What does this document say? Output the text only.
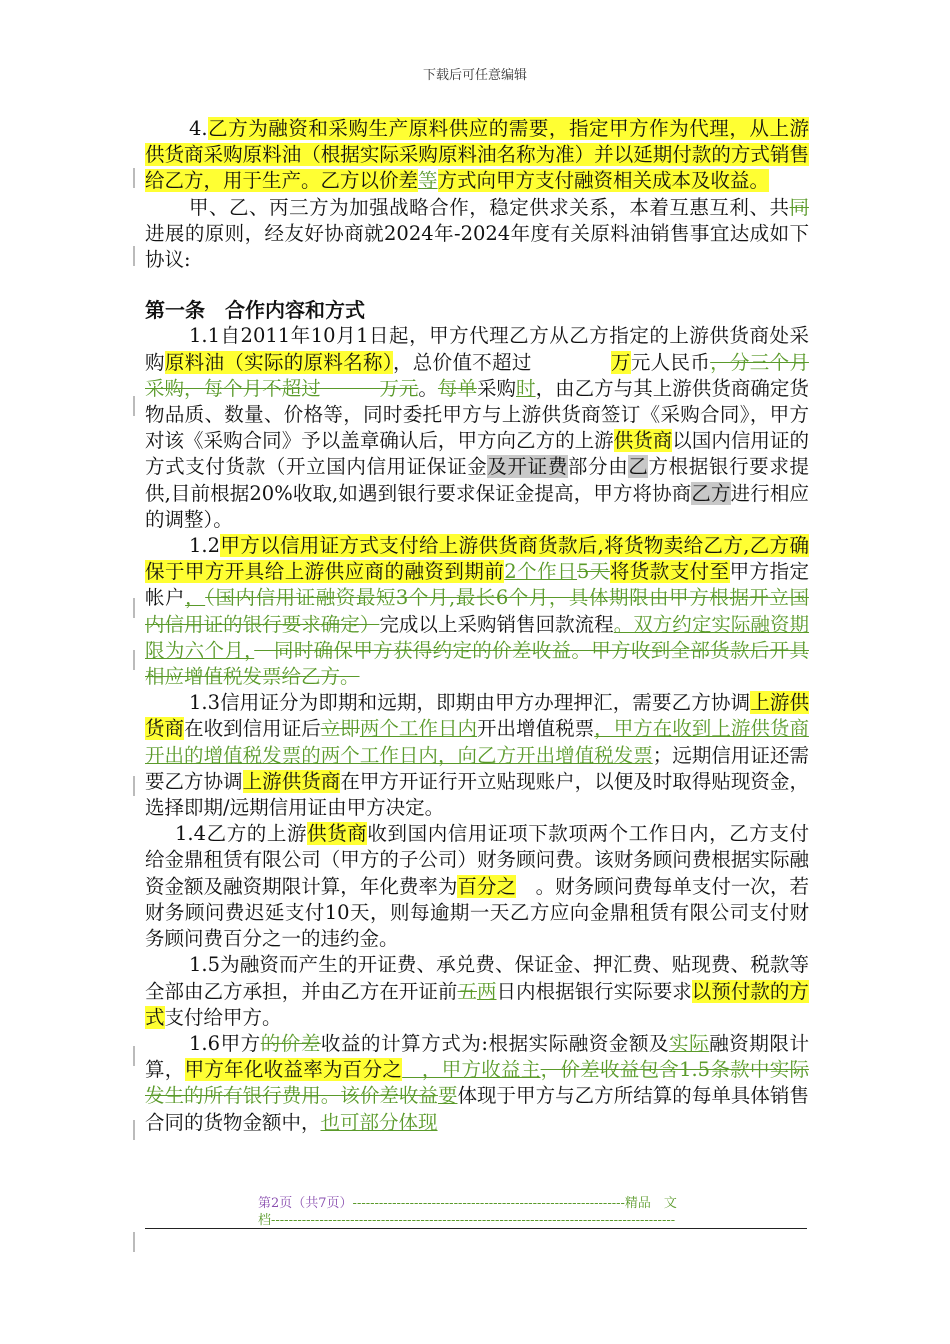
下载后可任意编辑

4.乙方为融资和采购生产原料供应的需要，指定甲方作为代理，从上游供货商采购原料油（根据实际采购原料油名称为准）并以延期付款的方式销售给乙方，用于生产。乙方以价差等方式向甲方支付融资相关成本及收益。

甲、乙、丙三方为加强战略合作，稳定供求关系，本着互惠互利、共同进展的原则，经友好协商就2024年-2024年度有关原料油销售事宜达成如下协议:

第一条　合作内容和方式

1.1自2011年10月1日起，甲方代理乙方从乙方指定的上游供货商处采购原料油（实际的原料名称），总价值不超过　　　　万元人民币，分三个月采购，每个月不超过　　　万元。每单采购时，由乙方与其上游供货商确定货物品质、数量、价格等，同时委托甲方与上游供货商签订《采购合同》，甲方对该《采购合同》予以盖章确认后，甲方向乙方的上游供货商以国内信用证的方式支付货款（开立国内信用证保证金及开证费部分由乙方根据银行要求提供,目前根据20%收取,如遇到银行要求保证金提高，甲方将协商乙方进行相应的调整）。

1.2甲方以信用证方式支付给上游供货商货款后,将货物卖给乙方,乙方确保于甲方开具给上游供应商的融资到期前2个作日5天将货款支付至甲方指定帐户，（国内信用证融资最短3个月,最长6个月，具体期限由甲方根据开立国内信用证的银行要求确定）完成以上采购销售回款流程。双方约定实际融资期限为六个月，　同时确保甲方获得约定的价差收益。甲方收到全部货款后开具相应增值税发票给乙方。

1.3信用证分为即期和远期，即期由甲方办理押汇，需要乙方协调上游供货商在收到信用证后立即两个工作日内开出增值税票，甲方在收到上游供货商开出的增值税发票的两个工作日内，向乙方开出增值税发票；远期信用证还需要乙方协调上游供货商在甲方开证行开立贴现账户，以便及时取得贴现资金，选择即期/远期信用证由甲方决定。

1.4乙方的上游供货商收到国内信用证项下款项两个工作日内，乙方支付给金鼎租赁有限公司（甲方的子公司）财务顾问费。该财务顾问费根据实际融资金额及融资期限计算，年化费率为百分之　。财务顾问费每单支付一次，若财务顾问费迟延支付10天，则每逾期一天乙方应向金鼎租赁有限公司支付财务顾问费百分之一的违约金。

1.5为融资而产生的开证费、承兑费、保证金、押汇费、贴现费、税款等全部由乙方承担，并由乙方在开证前五两日内根据银行实际要求以预付款的方式支付给甲方。

1.6甲方的价差收益的计算方式为:根据实际融资金额及实际融资期限计算，甲方年化收益率为百分之　，甲方收益主，价差收益包含1.5条款中实际发生的所有银行费用。该价差收益要体现于甲方与乙方所结算的每单具体销售合同的货物金额中，也可部分体现

第2页（共7页）--------------------------------------------------------------精品　文
档--------------------------------------------------------------------------------------------
